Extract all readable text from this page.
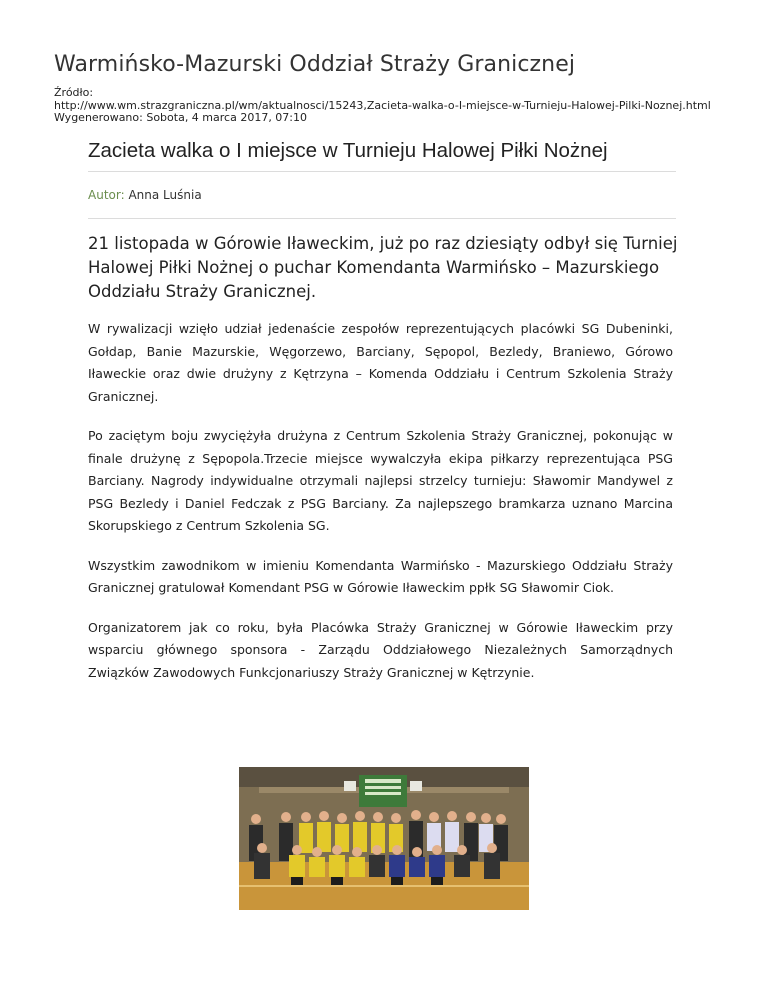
Warmińsko-Mazurski Oddział Straży Granicznej
Źródło:
http://www.wm.strazgraniczna.pl/wm/aktualnosci/15243,Zacieta-walka-o-I-miejsce-w-Turnieju-Halowej-Pilki-Noznej.html
Wygenerowano: Sobota, 4 marca 2017, 07:10
Zacieta walka o I miejsce w Turnieju Halowej Piłki Nożnej
Autor: Anna Luśnia
21 listopada w Górowie Iławeckim, już po raz dziesiąty odbył się Turniej Halowej Piłki Nożnej o puchar Komendanta Warmińsko – Mazurskiego Oddziału Straży Granicznej.

W rywalizacji wzięło udział jedenaście zespołów reprezentujących placówki SG Dubeninki, Gołdap, Banie Mazurskie, Węgorzewo, Barciany, Sępopol, Bezledy, Braniewo, Górowo Iławeckie oraz dwie drużyny z Kętrzyna – Komenda Oddziału i Centrum Szkolenia Straży Granicznej.

Po zaciętym boju zwyciężyła drużyna z Centrum Szkolenia Straży Granicznej, pokonując w finale drużynę z Sępopola.Trzecie miejsce wywalczyła ekipa piłkarzy reprezentująca PSG Barciany. Nagrody indywidualne otrzymali najlepsi strzelcy turnieju: Sławomir Mandywel z PSG Bezledy i Daniel Fedczak z PSG Barciany. Za najlepszego bramkarza uznano Marcina Skorupskiego z Centrum Szkolenia SG.

Wszystkim zawodnikom w imieniu Komendanta Warmińsko - Mazurskiego Oddziału Straży Granicznej gratulował Komendant PSG w Górowie Iławeckim ppłk SG Sławomir Ciok.

Organizatorem jak co roku, była Placówka Straży Granicznej w Górowie Iławeckim przy wsparciu głównego sponsora - Zarządu Oddziałowego Niezależnych Samorządnych Związków Zawodowych Funkcjonariuszy Straży Granicznej w Kętrzynie.
